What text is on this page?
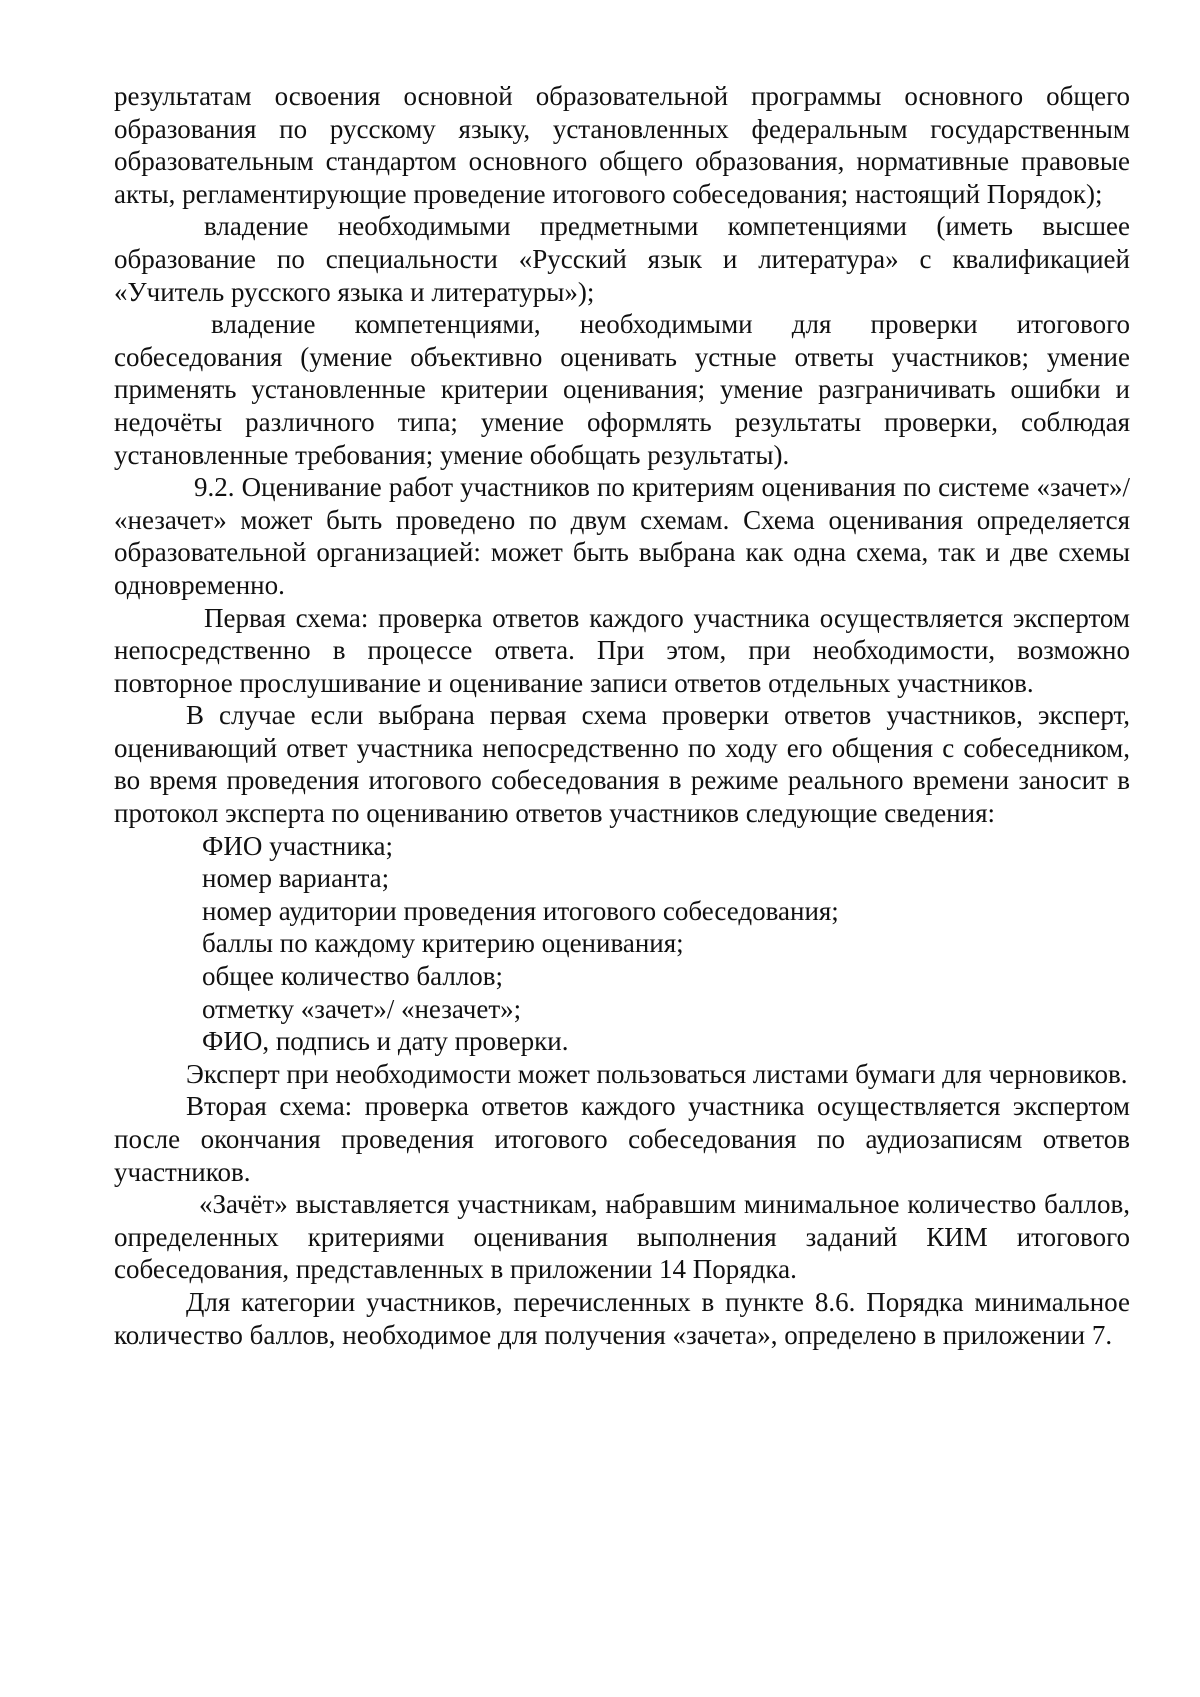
результатам освоения основной образовательной программы основного общего образования по русскому языку, установленных федеральным государственным образовательным стандартом основного общего образования, нормативные правовые акты, регламентирующие проведение итогового собеседования; настоящий Порядок);

владение необходимыми предметными компетенциями (иметь высшее образование по специальности «Русский язык и литература» с квалификацией «Учитель русского языка и литературы»);

владение компетенциями, необходимыми для проверки итогового собеседования (умение объективно оценивать устные ответы участников; умение применять установленные критерии оценивания; умение разграничивать ошибки и недочёты различного типа; умение оформлять результаты проверки, соблюдая установленные требования; умение обобщать результаты).

9.2. Оценивание работ участников по критериям оценивания по системе «зачет»/ «незачет» может быть проведено по двум схемам. Схема оценивания определяется образовательной организацией: может быть выбрана как одна схема, так и две схемы одновременно.

Первая схема: проверка ответов каждого участника осуществляется экспертом непосредственно в процессе ответа. При этом, при необходимости, возможно повторное прослушивание и оценивание записи ответов отдельных участников.

В случае если выбрана первая схема проверки ответов участников, эксперт, оценивающий ответ участника непосредственно по ходу его общения с собеседником, во время проведения итогового собеседования в режиме реального времени заносит в протокол эксперта по оцениванию ответов участников следующие сведения:

ФИО участника;
номер варианта;
номер аудитории проведения итогового собеседования;
баллы по каждому критерию оценивания;
общее количество баллов;
отметку «зачет»/ «незачет»;
ФИО, подпись и дату проверки.

Эксперт при необходимости может пользоваться листами бумаги для черновиков.

Вторая схема: проверка ответов каждого участника осуществляется экспертом после окончания проведения итогового собеседования по аудиозаписям ответов участников.

«Зачёт» выставляется участникам, набравшим минимальное количество баллов, определенных критериями оценивания выполнения заданий КИМ итогового собеседования, представленных в приложении 14 Порядка.

Для категории участников, перечисленных в пункте 8.6. Порядка минимальное количество баллов, необходимое для получения «зачета», определено в приложении 7.
